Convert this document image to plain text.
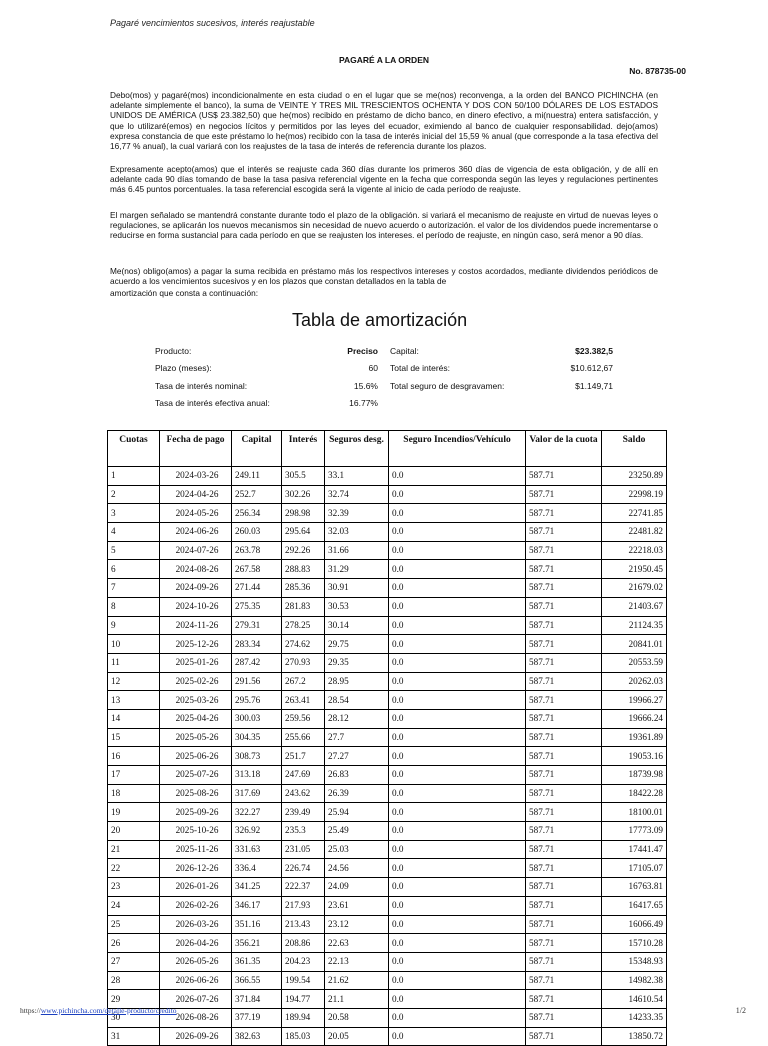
Pagaré vencimientos sucesivos, interés reajustable
PAGARÉ A LA ORDEN
No. 878735-00

Debo(mos) y pagaré(mos) incondicionalmente en esta ciudad o en el lugar que se me(nos) reconvenga, a la orden del BANCO PICHINCHA (en adelante simplemente el banco), la suma de VEINTE Y TRES MIL TRESCIENTOS OCHENTA Y DOS CON 50/100 DÓLARES DE LOS ESTADOS UNIDOS DE AMÉRICA (US$ 23.382,50) que he(mos) recibido en préstamo de dicho banco, en dinero efectivo, a mi(nuestra) entera satisfacción, y que lo utilizaré(emos) en negocios lícitos y permitidos por las leyes del ecuador, eximiendo al banco de cualquier responsabilidad. dejo(amos) expresa constancia de que este préstamo lo he(mos) recibido con la tasa de interés inicial del 15,59 % anual (que corresponde a la tasa efectiva del 16,77 % anual), la cual variará con los reajustes de la tasa de interés de referencia durante los plazos.

Expresamente acepto(amos) que el interés se reajuste cada 360 días durante los primeros 360 días de vigencia de esta obligación, y de allí en adelante cada 90 días tomando de base la tasa pasiva referencial vigente en la fecha que corresponda según las leyes y regulaciones pertinentes más 6.45 puntos porcentuales. la tasa referencial escogida será la vigente al inicio de cada período de reajuste.

El margen señalado se mantendrá constante durante todo el plazo de la obligación. si variará el mecanismo de reajuste en virtud de nuevas leyes o regulaciones, se aplicarán los nuevos mecanismos sin necesidad de nuevo acuerdo o autorización. el valor de los dividendos puede incrementarse o reducirse en forma sustancial para cada período en que se reajusten los intereses. el período de reajuste, en ningún caso, será menor a 90 días.

Me(nos) obligo(amos) a pagar la suma recibida en préstamo más los respectivos intereses y costos acordados, mediante dividendos periódicos de acuerdo a los vencimientos sucesivos y en los plazos que constan detallados en la tabla de

amortización que consta a continuación:
Tabla de amortización
Producto:	Preciso
Plazo (meses):	60
Tasa de interés nominal:	15.6%
Tasa de interés efectiva anual:	16.77%
Capital:	$23.382,5
Total de interés:	$10.612,67
Total seguro de desgravamen:	$1.149,71
Cuotas	Fecha de pago	Capital	Interés	Seguros desg.	Seguro Incendios/Vehículo	Valor de la cuota	Saldo
1	2024-03-26	249.11	305.5	33.1	0.0	587.71	23250.89
2	2024-04-26	252.7	302.26	32.74	0.0	587.71	22998.19
3	2024-05-26	256.34	298.98	32.39	0.0	587.71	22741.85
4	2024-06-26	260.03	295.64	32.03	0.0	587.71	22481.82
5	2024-07-26	263.78	292.26	31.66	0.0	587.71	22218.03
6	2024-08-26	267.58	288.83	31.29	0.0	587.71	21950.45
7	2024-09-26	271.44	285.36	30.91	0.0	587.71	21679.02
8	2024-10-26	275.35	281.83	30.53	0.0	587.71	21403.67
9	2024-11-26	279.31	278.25	30.14	0.0	587.71	21124.35
10	2025-12-26	283.34	274.62	29.75	0.0	587.71	20841.01
11	2025-01-26	287.42	270.93	29.35	0.0	587.71	20553.59
12	2025-02-26	291.56	267.2	28.95	0.0	587.71	20262.03
13	2025-03-26	295.76	263.41	28.54	0.0	587.71	19966.27
14	2025-04-26	300.03	259.56	28.12	0.0	587.71	19666.24
15	2025-05-26	304.35	255.66	27.7	0.0	587.71	19361.89
16	2025-06-26	308.73	251.7	27.27	0.0	587.71	19053.16
17	2025-07-26	313.18	247.69	26.83	0.0	587.71	18739.98
18	2025-08-26	317.69	243.62	26.39	0.0	587.71	18422.28
19	2025-09-26	322.27	239.49	25.94	0.0	587.71	18100.01
20	2025-10-26	326.92	235.3	25.49	0.0	587.71	17773.09
21	2025-11-26	331.63	231.05	25.03	0.0	587.71	17441.47
22	2026-12-26	336.4	226.74	24.56	0.0	587.71	17105.07
23	2026-01-26	341.25	222.37	24.09	0.0	587.71	16763.81
24	2026-02-26	346.17	217.93	23.61	0.0	587.71	16417.65
25	2026-03-26	351.16	213.43	23.12	0.0	587.71	16066.49
26	2026-04-26	356.21	208.86	22.63	0.0	587.71	15710.28
27	2026-05-26	361.35	204.23	22.13	0.0	587.71	15348.93
28	2026-06-26	366.55	199.54	21.62	0.0	587.71	14982.38
29	2026-07-26	371.84	194.77	21.1	0.0	587.71	14610.54
30	2026-08-26	377.19	189.94	20.58	0.0	587.71	14233.35
31	2026-09-26	382.63	185.03	20.05	0.0	587.71	13850.72
https://www.pichincha.com/detalle-producto/credito	1/2
